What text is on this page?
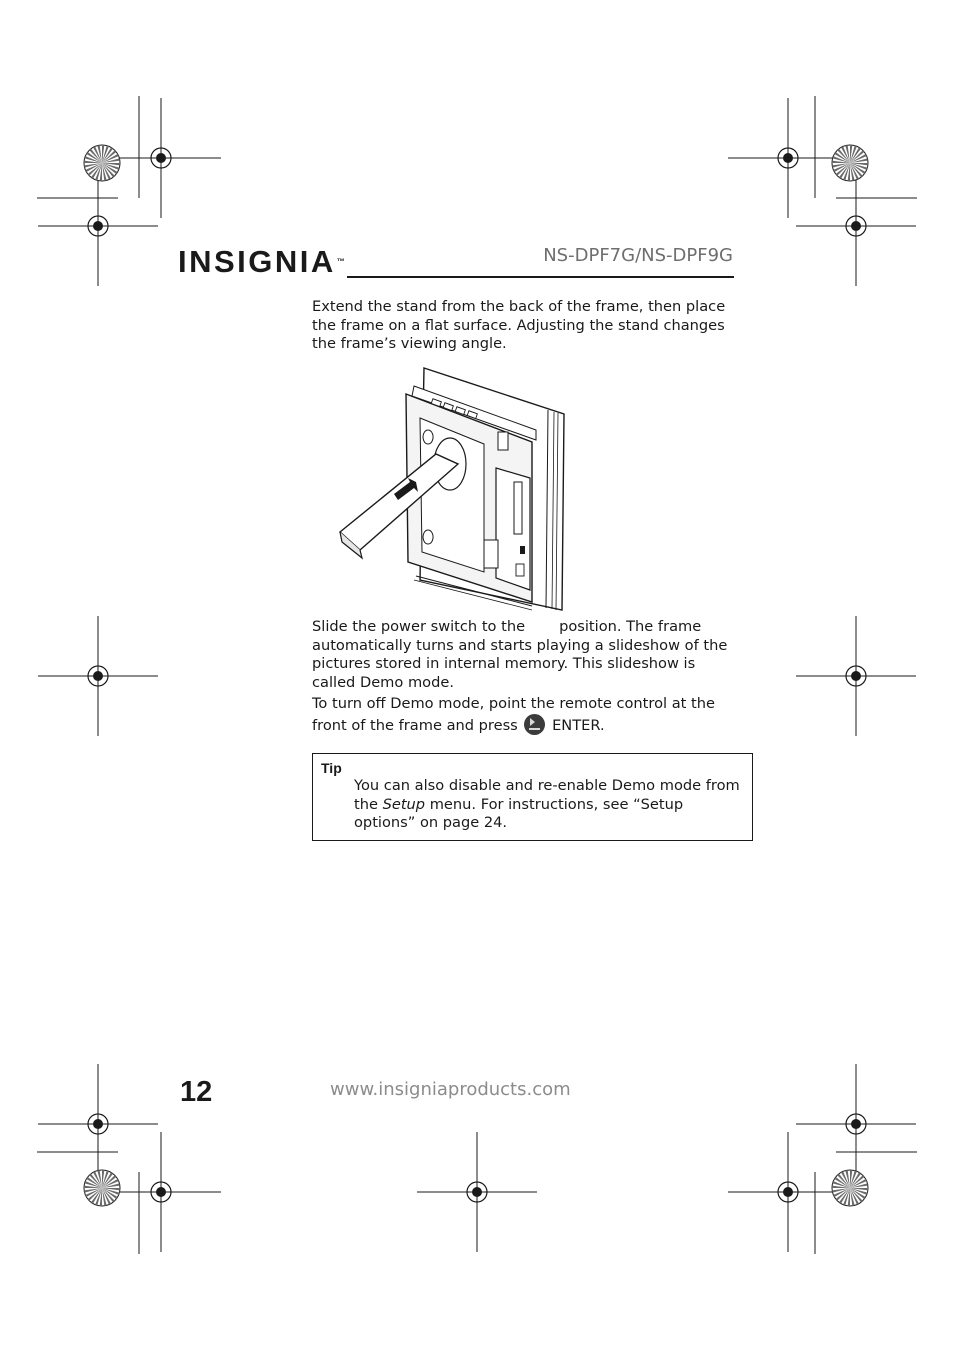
INSIGNIA™	NS-DPF7G/NS-DPF9G

Extend the stand from the back of the frame, then place the frame on a flat surface. Adjusting the stand changes the frame’s viewing angle.

Slide the power switch to the position. The frame automatically turns and starts playing a slideshow of the pictures stored in internal memory. This slideshow is called Demo mode.

To turn off Demo mode, point the remote control at the front of the frame and press ENTER.

Tip

You can also disable and re-enable Demo mode from the Setup menu. For instructions, see “Setup options” on page 24.

12	www.insigniaproducts.com
